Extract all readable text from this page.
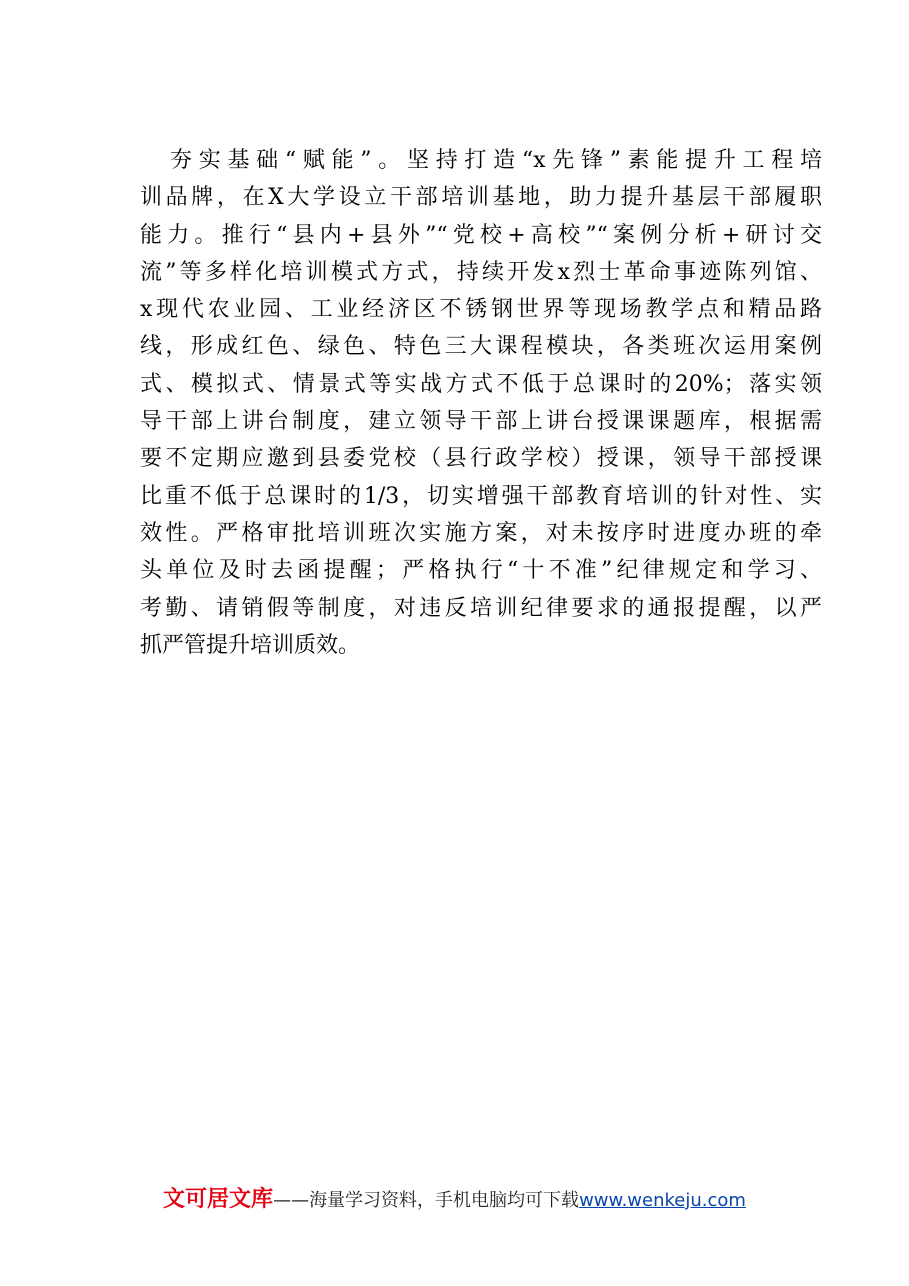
夯实基础“赋能”。坚持打造“x先锋”素能提升工程培
训品牌，在X大学设立干部培训基地，助力提升基层干部履职
能力。推行“县内+县外”“党校+高校”“案例分析+研讨交
流”等多样化培训模式方式，持续开发x烈士革命事迹陈列馆、
x现代农业园、工业经济区不锈钢世界等现场教学点和精品路
线，形成红色、绿色、特色三大课程模块，各类班次运用案例
式、模拟式、情景式等实战方式不低于总课时的20%；落实领
导干部上讲台制度，建立领导干部上讲台授课课题库，根据需
要不定期应邀到县委党校（县行政学校）授课，领导干部授课
比重不低于总课时的1/3，切实增强干部教育培训的针对性、实
效性。严格审批培训班次实施方案，对未按序时进度办班的牵
头单位及时去函提醒；严格执行“十不准”纪律规定和学习、
考勤、请销假等制度，对违反培训纪律要求的通报提醒，以严
抓严管提升培训质效。
文可居文库——海量学习资料，手机电脑均可下载www.wenkeju.com
